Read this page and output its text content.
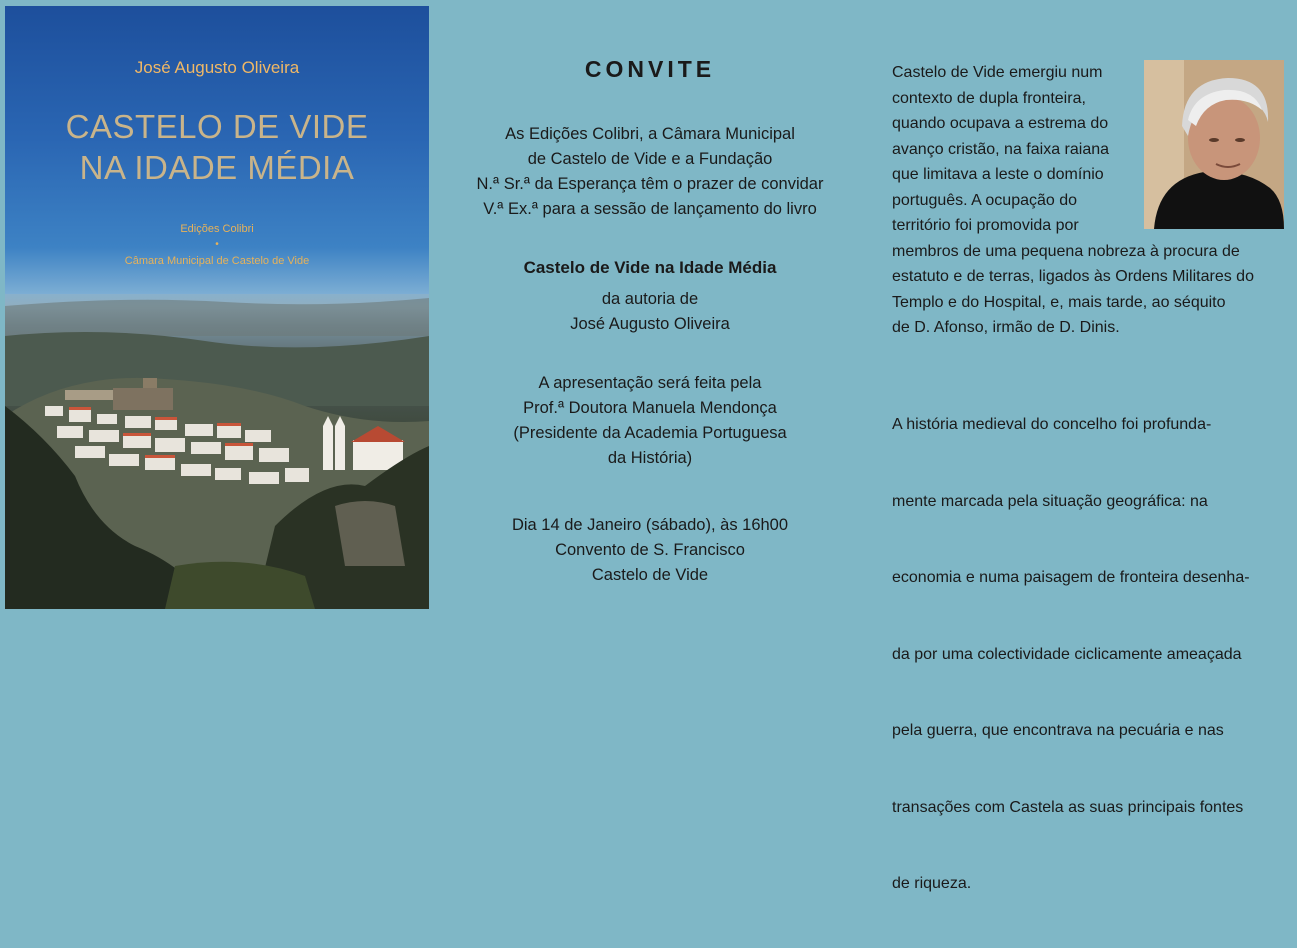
José Augusto Oliveira
CASTELO DE VIDE
NA IDADE MÉDIA
Edições Colibri
•
Câmara Municipal de Castelo de Vide
CONVITE
As Edições Colibri, a Câmara Municipal
de Castelo de Vide e a Fundação
N.ª Sr.ª da Esperança têm o prazer de convidar
V.ª Ex.ª para a sessão de lançamento do livro
Castelo de Vide na Idade Média
da autoria de
José Augusto Oliveira
A apresentação será feita pela
Prof.ª Doutora Manuela Mendonça
(Presidente da Academia Portuguesa
da História)
Dia 14 de Janeiro (sábado), às 16h00
Convento de S. Francisco
Castelo de Vide

Castelo de Vide emergiu num
contexto de dupla fronteira,
quando ocupava a estrema do
avanço cristão, na faixa raiana
que limitava a leste o domínio
português. A ocupação do
território foi promovida por
membros de uma pequena nobreza à procura de
estatuto e de terras, ligados às Ordens Militares do
Templo e do Hospital, e, mais tarde, ao séquito
de D. Afonso, irmão de D. Dinis.

A história medieval do concelho foi profunda-

mente marcada pela situação geográfica: na

economia e numa paisagem de fronteira desenha-

da por uma colectividade ciclicamente ameaçada

pela guerra, que encontrava na pecuária e nas

transações com Castela as suas principais fontes

de riqueza.
